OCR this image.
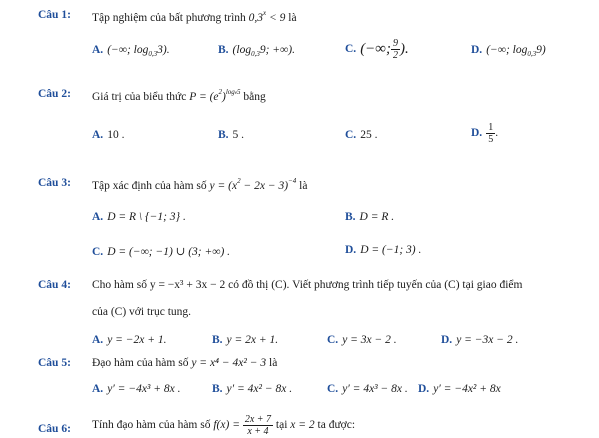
Câu 1: Tập nghiệm của bất phương trình $0,3^x < 9$ là
A. (−∞; $\log_{0,3}3$).	B. ($\log_{0,3}9$; +∞).	C. (−∞; $\frac{9}{2}$ ).	D. (−∞; $\log_{0,3}9$)
Câu 2: Giá trị của biểu thức $P = (e^2)^{loge5}$ bằng
A. 10 .	B. 5 .	C. 25 .	D. $\frac{1}{5}$ .
Câu 3: Tập xác định của hàm số $y = (x^2 - 2x - 3)^{-4}$ là
A. D = R \ {−1; 3} .	B. D = R .
C. D = (−∞; −1) ∪ (3; +∞) .	D. D = (−1; 3) .
Câu 4: Cho hàm số y = −x³ + 3x − 2 có đồ thị (C). Viết phương trình tiếp tuyến của (C) tại giao điểm
của (C) với trục tung.
A. y = −2x + 1.	B. y = 2x + 1.	C. y = 3x − 2 .	D. y = −3x − 2 .
Câu 5: Đạo hàm của hàm số y = x⁴ − 4x² − 3 là
A. y′ = −4x³ + 8x .	B. y′ = 4x² − 8x .	C. y′ = 4x³ − 8x . D. y′ = −4x² + 8x
Câu 6: Tính đạo hàm của hàm số $f(x) = \frac{2x + 7}{x + 4}$ tại x = 2 ta được:
